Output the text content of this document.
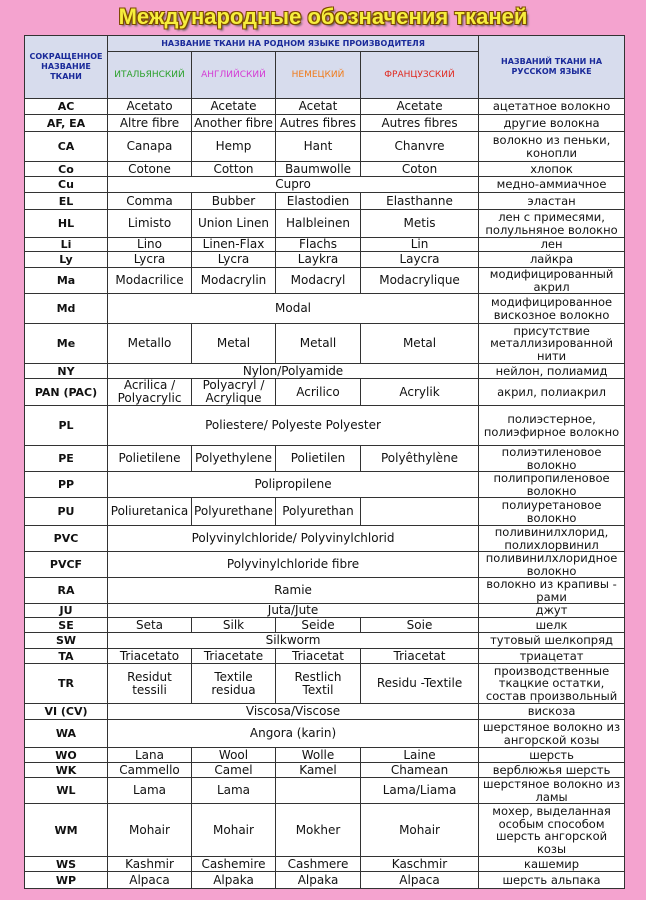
Международные обозначения тканей
СОКРАЩЕННОЕ НАЗВАНИЕ ТКАНИ	НАЗВАНИЕ ТКАНИ НА РОДНОМ ЯЗЫКЕ ПРОИЗВОДИТЕЛЯ				НАЗВАНИЙ ТКАНИ НА РУССКОМ ЯЗЫКЕ
	ИТАЛЬЯНСКИЙ	АНГЛИЙСКИЙ	НЕМЕЦКИЙ	ФРАНЦУЗСКИЙ	
AC	Acetato	Acetate	Acetat	Acetate	ацетатное волокно
AF, EA	Altre fibre	Another fibre	Autres fibres	Autres fibres	другие волокна
CA	Canapa	Hemp	Hant	Chanvre	волокно из пеньки, конопли
Co	Cotone	Cotton	Baumwolle	Coton	хлопок
Cu	Cupro				медно-аммиачное
EL	Comma	Bubber	Elastodien	Elasthanne	эластан
HL	Limisto	Union Linen	Halbleinen	Metis	лен с примесями, полульняное волокно
Li	Lino	Linen-Flax	Flachs	Lin	лен
Ly	Lycra	Lycra	Laykra	Laycra	лайкра
Ma	Modacrilice	Modacrylin	Modacryl	Modacrylique	модифицированный акрил
Md	Modal				модифицированное вискозное волокно
Me	Metallo	Metal	Metall	Metal	присутствие металлизированной нити
NY	Nylon/Polyamide				нейлон, полиамид
PAN (PAC)	Acrilica / Polyacrylic	Polyacryl / Acrylique	Acrilico	Acrylik	акрил, полиакрил
PL	Poliestere/ Polyeste Polyester				полиэстерное, полиэфирное волокно
PE	Polietilene	Polyethylene	Polietilen	Polyêthylène	полиэтиленовое волокно
PP	Polipropilene				полипропиленовое волокно
PU	Poliuretanica	Polyurethane	Polyurethan		полиуретановое волокно
PVC	Polyvinylchloride/ Polyvinylchlorid				поливинилхлорид, полихлорвинил
PVCF	Polyvinylchloride fibre				поливинилхлоридное волокно
RA	Ramie				волокно из крапивы - рами
JU	Juta/Jute				джут
SE	Seta	Silk	Seide	Soie	шелк
SW	Silkworm				тутовый шелкопряд
TA	Triacetato	Triacetate	Triacetat	Triacetat	триацетат
TR	Residut tessili	Textile residua	Restlich Textil	Residu -Textile	производственные ткацкие остатки, состав произвольный
VI (CV)	Viscosa/Viscose				вискоза
WA	Angora (karin)				шерстяное волокно из ангорской козы
WO	Lana	Wool	Wolle	Laine	шерсть
WK	Cammello	Camel	Kamel	Chamean	верблюжья шерсть
WL	Lama	Lama		Lama/Liama	шерстяное волокно из ламы
WM	Mohair	Mohair	Mokher	Mohair	мохер, выделанная особым способом шерсть ангорской козы
WS	Kashmir	Cashemire	Cashmere	Kaschmir	кашемир
WP	Alpaca	Alpaka	Alpaka	Alpaca	шерсть альпака
